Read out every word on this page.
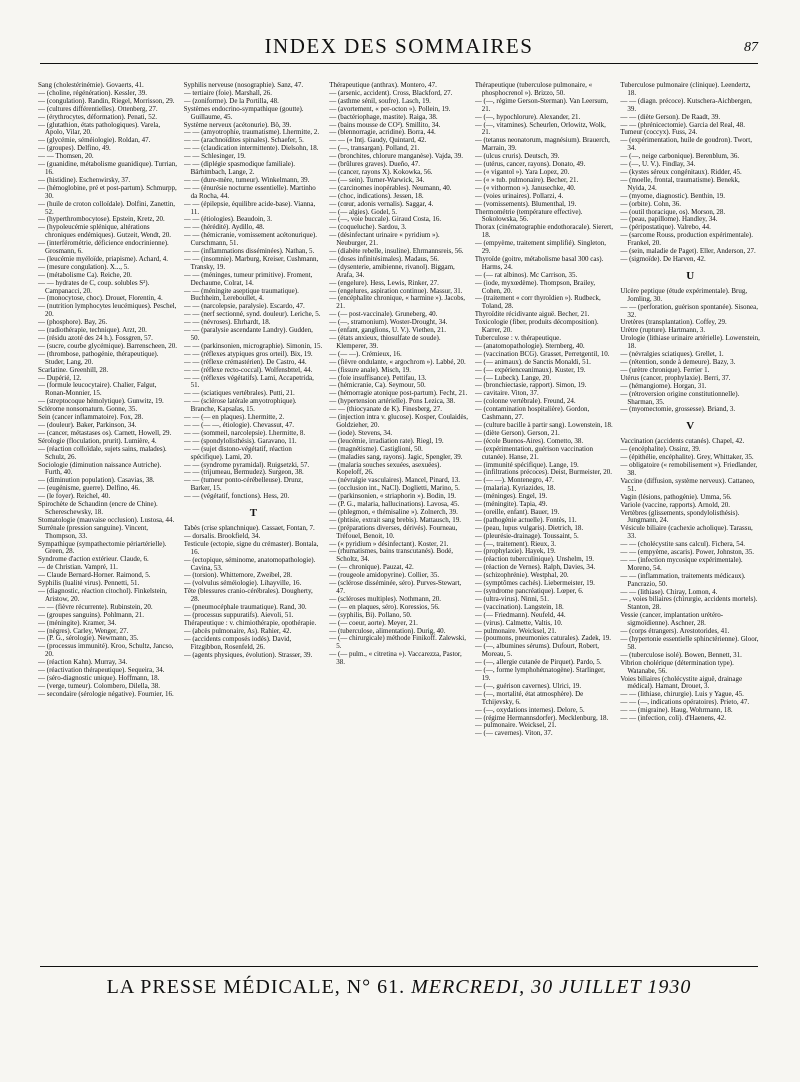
INDEX DES SOMMAIRES	87
Sang (cholestérinémie). Govaerts, 41.
— (choline, régénération). Kessler, 39.
— (congulation). Randin, Riegel, Morrisson, 29.
— (cultures différentielles). Ottenberg, 27.
— (érythrocytes, déformation). Penati, 52.
— (glutathion, états pathologiques). Varela, Apolo, Vilar, 20.
— (glycémie, séméiologie). Roldan, 47.
— (groupes). Delfino, 49.
— — Thomsen, 20.
— (guanidine, métabolisme guanidique). Turrian, 16.
— (histidine). Eschenwirsky, 37.
— (hémoglobine, pré et post-partum). Schmurpp, 30.
— (huile de croton colloïdale). Dolfini, Zanettin, 52.
— (hyperthrombocytose). Epstein, Kretz, 20.
— (hypoleucémie splénique, altérations chroniques endémiques). Gutzeit, Wendt, 20.
— (interférométrie, déficience endocrinienne). Grosmann, 6.
— (leucémie myéloïde, priapisme). Achard, 4.
— (mesure congulation). X..., 5.
— (métabolisme Ca). Reiche, 20.
— — hydrates de C, coup. solubles S²). Campanacci, 20.
— (monocytose, choc). Drouet, Florentin, 4.
— (nutrition lymphocytes leucémiques). Peschel, 20.
— (phosphore). Bay, 26.
— (radiothérapie, technique). Arzt, 20.
— (résidu azoté des 24 h.). Fossgren, 57.
— (sucre, courbe glycémique). Barrenscheen, 20.
— (thrombose, pathogénie, thérapeutique). Studer, Lang, 20.
Scarlatine. Greenhill, 28.
— Dupérié, 12.
— (formule leucocytaire). Chalier, Falgut, Ronan-Monnier, 15.
— (streptocoque hémolytique). Gunwitz, 19.
Sclérome nonsomaturn. Gonne, 35.
Sein (cancer inflammatoire). Fox, 28.
— (douleur). Baker, Parkinson, 34.
— (cancer, métastases os). Carnett, Howell, 29.
Sérologie (floculation, prurit). Lumière, 4.
— (réaction colloïdale, sujets sains, malades). Schulz, 26.
Sociologie (diminution naissance Autriche). Furth, 40.
— (diminution population). Casavias, 38.
— (eugénisme, guerre). Delfino, 46.
— (le foyer). Reichel, 40.
Spirochète de Schaudinn (encre de Chine). Schereschewsky, 18.
Stomatologie (mauvaise occlusion). Lustosa, 44.
Surrénale (pression sanguine). Vincent, Thompson, 33.
Sympathique (sympathectomie périartérielle). Green, 28.
Syndrome d'action extérieur. Claude, 6.
— de Christian. Vampré, 11.
— Claude Bernard-Horner. Raimond, 5.
Syphilis (lualité virus). Pennetti, 51.
— (diagnostic, réaction citochol). Finkelstein, Aristow, 20.
— — (fièvre récurrente). Rubinstein, 20.
— (groupes sanguins). Pohlmann, 21.
— (méningite). Kramer, 34.
— (nègres). Carley, Wenger, 27.
— (P. G., sérologie). Newmann, 35.
— (processus immunité). Kroo, Schultz, Jancso, 20.
— (réaction Kahn). Murray, 34.
— (réactivation thérapeutique). Sequeira, 34.
— (séro-diagnostic unique). Hoffmann, 18.
— (verge, tumeur). Colombero, Dilella, 38.
— secondaire (sérologie négative). Fournier, 16.
Syphilis nerveuse (nosographie). Sanz, 47.
— tertiaire (foie). Marshall, 26.
— (zoniforme). De la Portilla, 48.
Systèmes endocrino-sympathique (goutte). Guillaume, 45.
Système nerveux (acétonurie). Bö, 39.
— — (amyotrophie, traumatisme). Lhermitte, 2.
— — (arachnoïdites spinales). Schaefer, 5.
— — (claudication intermittente). Dielsohn, 18.
— — Schlesinger, 19.
— — (diplégie spasmodique familiale). Bärhimbach, Lange, 2.
— — (dure-mère, tumeur). Winkelmann, 39.
— — (énurésie nocturne essentielle). Martinho da Rocha, 44.
— — (épilepsie, équilibre acide-base). Vianna, 11.
— — (étiologies). Beaudoin, 3.
— — (hérédité). Aydillo, 48.
— — (hémicranie, vomissement acétonurique). Curschmann, 51.
— — (inflammations disséminées). Nathan, 5.
— — (insomnie). Marburg, Kreiser, Cushmann, Transky, 19.
— — (méninges, tumeur primitive). Froment, Dechaume, Colrat, 14.
— — (méningite aseptique traumatique). Buchheim, Lereboullet, 4.
— — (narcolepsie, paralysie). Escardo, 47.
— — (nerf sectionné, synd. douleur). Leriche, 5.
— — (névroses). Ehrhardt, 18.
— — (paralysie ascendante Landry). Gudden, 50.
— — (parkinsonien, micrographie). Simonin, 15.
— — (réflexes atypiques gros orteil). Bix, 19.
— — (réflexe crémastérien). De Castro, 44.
— — (réflexe recto-coccal). Wolfensbttel, 44.
— — (réflexes végétatifs). Lami, Accapetrida, 51.
— — (sciatiques vertébrales). Putti, 21.
— — (sclérose latérale amyotrophique). Branche, Kapsalas, 15.
— — (— en plaques). Lhermitte, 2.
— — (— —, étiologie). Chevassut, 47.
— — (sommeil, narcolepsie). Lhermitte, 8.
— — (spondylolisthésis). Garavano, 11.
— — (sujet distono-végétatif, réaction spécifique). Lami, 20.
— — (syndrome pyramidal). Ruigsetzki, 57.
— — (trijumeau, Bermudez). Surgeon, 38.
— — (tumeur ponto-cérébelleuse). Drunz, Barker, 15.
— — (végétatif, fonctions). Hess, 20.
T
Tabès (crise splanchnique). Cassaet, Fontan, 7.
— dorsalis. Brookfield, 34.
Testicule (ectopie, signe du crémaster). Bontala, 16.
— (ectopique, séminome, anatomopathologie). Cavina, 53.
— (torsion). Whittemore, Zweibel, 28.
— (volvulus séméiologie). Lihayville, 16.
Tête (blessures cranio-cérébrales). Dougherty, 28.
— (pneumocéphale traumatique). Rand, 30.
— (processus suppuratifs). Aievoli, 51.
Thérapeutique : v. chimiothérapie, opothérapie.
— (abcès pulmonaire, As). Rahier, 42.
— (accidents composés iodés). David, Fitzgibbon, Rosenfeld, 26.
— (agents physiques, évolution). Strasser, 39.
Thérapeutique (anthrax). Montero, 47.
— (arsenic, accident). Cross, Blackford, 27.
— (asthme sénil, soufre). Lasch, 19.
— (avortement, « per-octon »). Pollein, 19.
— (bactériophage, mastite). Raiga, 38.
— (bains mousse de CO²). Smillito, 34.
— (blennorragie, acridine). Borra, 44.
— — (« Intj. Gaudy, Quintard, 42.
— (—, transargan). Polland, 21.
— (bronchites, chlorure manganèse). Vajda, 39.
— (brûlures graves). Dueño, 47.
— (cancer, rayons X). Kokowka, 56.
— (— sein). Turner-Warwick, 34.
— (carcinomes inopérables). Neumann, 40.
— (choc, indications). Jessen, 18.
— (cœur, adonis vernalis). Saggar, 4.
— (— algies). Godel, 5.
— (—, voie buccale). Giraud Costa, 16.
— (coqueluche). Sardou, 3.
— (désinfectant urinaire « pyridium »). Neuburger, 21.
— (diabète rebelle, insuline). Ehrmannsreis, 56.
— (doses infinitésimales). Madaus, 56.
— (dysenterie, amibienne, rivanol). Biggam, Arafa, 34.
— (engelure). Hess, Lewis, Rinker, 27.
— (engelures, aspiration continue). Massur, 31.
— (encéphalite chronique, « harmine »). Jacobs, 21.
— (— post-vaccinale). Gruneberg, 40.
— (—, stramonium). Woster-Drought, 34.
— (enfant, ganglions, U. V.). Viethen, 21.
— (états anxieux, thiosulfate de soude). Klemperer, 39.
— (— —). Crémieux, 16.
— (fièvre ondulante, « argochrom »). Labbé, 20.
— (fissure anale). Misch, 19.
— (foie insuffisance). Pettifau, 13.
— (hémicranie, Ca). Seymour, 50.
— (hémorragie atonique post-partum). Fecht, 21.
— (hypertension artérielle). Pons Lezica, 38.
— — (thiocyanate de K). Finesberg, 27.
— (injection intra v. glucose). Kosper, Coulaidès, Goldzieher, 20.
— (iode). Stevens, 34.
— (leucémie, irradiation rate). Riegl, 19.
— (magnétisme). Castiglioni, 50.
— (maladies sang, rayons). Jagic, Spengler, 39.
— (malaria souches sexuées, asexuées). Kopeloff, 26.
— (névralgie vasculaires). Mancel, Pinard, 13.
— (occlusion int., NaCl). Doglietti, Marino, 5.
— (parkinsonien, « striaphorin »). Bodin, 19.
— (P. G., malaria, hallucinations). Lavosa, 45.
— (phlegmon, « thémisaline »). Zolnerch, 39.
— (phtisie, extrait sang brebis). Mattausch, 19.
— (préparations diverses, dérivés). Fourneau, Tréfouel, Benoit, 10.
— (« pyridium » désinfectant). Koster, 21.
— (rhumatismes, bains transcutanés). Bodé, Scholtz, 34.
— (— chronique). Pauzat, 42.
— (rougeole amidopyrine). Collier, 35.
— (sclérose disséminée, séro). Purves-Stewart, 47.
— (scléroses multiples). Nothmann, 20.
— (— en plaques, séro). Koressios, 56.
— (syphilis, Bi). Pollano, 50.
— (— coeur, aorte). Meyer, 21.
— (tuberculose, alimentation). Durig, 40.
— (— chirurgicale) méthode Finikoff. Zalewski, 5.
— (— pulm., « citretina »). Vaccarezza, Pastor, 38.
Thérapeutique (tuberculose pulmonaire, « phosphocrenol »). Brizzo, 50.
— (—, régime Gerson-Sterman). Van Leersum, 21.
— (—, hypochlorure). Alexander, 21.
— (—, vitamines). Scheurlen, Orlowitz, Wolk, 21.
— (tetanus neonatorum, magnésium). Brauerch, Marrain, 39.
— (ulcus cruris). Deutsch, 39.
— (utérus, cancer, rayons). Donato, 49.
— (« vigantol »). Yara Lopez, 20.
— (« » tub. pulmonaire). Becher, 21.
— (« vithormon »). Janusechke, 40.
— (voies urinaires). Pollarzi, 4.
— (vomissements). Blumenthal, 19.
Thermométrie (température effective). Sokolowska, 56.
Thorax (cinématographie endothoracale). Sierert, 18.
— (empyème, traitement simplifié). Singleton, 29.
Thyroïde (goitre, métabolisme basal 300 cas). Harms, 24.
— (— rat albinos). Mc Carrison, 35.
— (iode, myxœdème). Thompson, Brailey, Cohen, 20.
— (traitement « corr thyroïdien »). Rudbeck, Toland, 28.
Thyroïdite récidivante aiguë. Becher, 21.
Toxicologie (fiber, produits décomposition). Karrer, 20.
Tuberculose : v. thérapeutique.
— (anatomopathologie). Sternberg, 40.
— (vaccination BCG). Grasset, Perretgentil, 10.
— (— animaux). de Sanctis Monaldi, 51.
— (— expérienceanimaux). Kuster, 19.
— (— Lubeck). Lange, 20.
— (bronchiectasie, rapport). Simon, 19.
— cavitaire. Viton, 37.
— (colonne vertébrale). Freund, 24.
— (contamination hospitalière). Gordon, Cashmann, 27.
— (culture bacille à partir sang). Lowenstein, 18.
— (diète Gerson). Gerson, 21.
— (école Buenos-Aires). Cometto, 38.
— (expérimentation, guérison vaccination cutanée). Hanse, 21.
— (immunité spécifique). Lange, 19.
— (infiltrations précoces). Deist, Burmeister, 20.
— (— —). Montenegro, 47.
— (malaria). Kyriazides, 18.
— (méninges). Engel, 19.
— (méningite). Tapia, 49.
— (oreille, enfant). Bauer, 19.
— (pathogénie actuelle). Fontès, 11.
— (peau, lupus vulgaris). Dietrich, 18.
— (pleurésie-drainage). Toussaint, 5.
— (—, traitement). Rieux, 3.
— (prophylaxie). Hayek, 19.
— (réaction tuberculinique). Unshelm, 19.
— (réaction de Vernes). Ralph, Davies, 34.
— (schizophrénie). Westphal, 20.
— (symptômes cachés). Liebermeister, 19.
— (syndrome pancréatique). Lœper, 6.
— (ultra-virus). Ninni, 51.
— (vaccination). Langstein, 18.
— (— Friedmann). Neufeld, 44.
— (virus). Calmette, Valtis, 10.
— pulmonaire. Weicksel, 21.
— (poumons, pneumonies caturales). Zadek, 19.
— (—, albumines sérums). Dufourt, Robert, Moreau, 5.
— (—, allergie cutanée de Pirquet). Pardo, 5.
— (—, forme lymphohématogène). Starlinger, 19.
— (—, guérison cavernes). Ulrici, 19.
— (—, mortalité, état atmosphère). De Tchijevsky, 6.
— (—, oxydations internes). Delore, 5.
— (régime Hermannsdorfer). Mecklenburg, 18.
— pulmonaire. Weicksel, 21.
— (— cavernes). Viton, 37.
Tuberculose pulmonaire (clinique). Leendertz, 18.
— — (diagn. précoce). Kutschera-Aichbergen, 39.
— — (diète Gerson). De Raadt, 39.
— — (phrénicectomie). Garcia del Real, 48.
Tumeur (coccyx). Fuss, 24.
— (expérimentation, huile de goudron). Twort, 34.
— (—, neige carbonique). Berenblum, 36.
— (—, U. V.). Findlay, 34.
— (kystes séreux congénitaux). Ridder, 45.
— (moelle, frontal, traumatisme). Benekk, Nyida, 24.
— (myome, diagnostic). Benthin, 19.
— (orbite). Cohn, 36.
— (outil thoracique, os). Morson, 28.
— (peau, papillome). Handley, 34.
— (péripostatique). Valrebo, 44.
— (sarcome Rouss, production expérimentale). Frankel, 20.
— (sein, maladie de Paget). Eller, Anderson, 27.
— (sigmoïde). De Harven, 42.
U
Ulcère peptique (étude expérimentale). Brug, Jomling, 30.
— — (perforation, guérison spontanée). Sisonea, 32.
Uretères (transplantation). Coffey, 29.
Urètre (rupture). Hartmann, 3.
Urologie (lithiase urinaire artérielle). Lowenstein, 18.
— (névralgies sciatiques). Grellet, 1.
— (rétention, sonde à demeure). Bazy, 3.
— (urètre chronique). Ferrier 1.
Utérus (cancer, prophylaxie). Berri, 37.
— (hémangiome). Horgan, 31.
— (rétroversion origine constitutionnelle). Sharman, 35.
— (myomectomie, grossesse). Briand, 3.
V
Vaccination (accidents cutanés). Chapel, 42.
— (encéphalite). Ossinz, 39.
— (épithélie, encéphalite). Grey, Whittaker, 35.
— obligatoire (« remobilisement »). Friedlander, 38.
Vaccine (diffusion, système nerveux). Cattaneo, 51.
Vagin (lésions, pathogénie). Umma, 56.
Variole (vaccine, rapports). Arnold, 20.
Vertèbres (glissements, spondylolisthésis). Jungmann, 24.
Vésicule biliaire (cachexie acholique). Tarassu, 33.
— — (cholécystite sans calcul). Fichera, 54.
— — (empyème, ascaris). Power, Johnston, 35.
— — (infection mycosique expérimentale). Moreno, 54.
— — (inflammation, traitements médicaux). Pancrazio, 50.
— — (lithiase). Chiray, Lomon, 4.
— , voies biliaires (chirurgie, accidents mortels). Stanton, 28.
Vessie (cancer, implantation urétéro-sigmoïdienne). Aschner, 28.
— (corps étrangers). Arestotorides, 41.
— (hypertonie essentielle sphinctérienne). Gloor, 58.
— (tuberculose isolé). Bowen, Bennett, 31.
Vibrion cholérique (détermination type). Watanabe, 56.
Voies biliaires (cholécystite aiguë, drainage médical). Hamant, Drouet, 3.
— — (lithiase, chirurgie). Luis y Yague, 45.
— — (—, indications opératoires). Prieto, 47.
— — (migraine). Haug, Wohrmann, 18.
— — (infection, coli). d'Haenens, 42.
LA PRESSE MÉDICALE, N° 61. MERCREDI, 30 JUILLET 1930
